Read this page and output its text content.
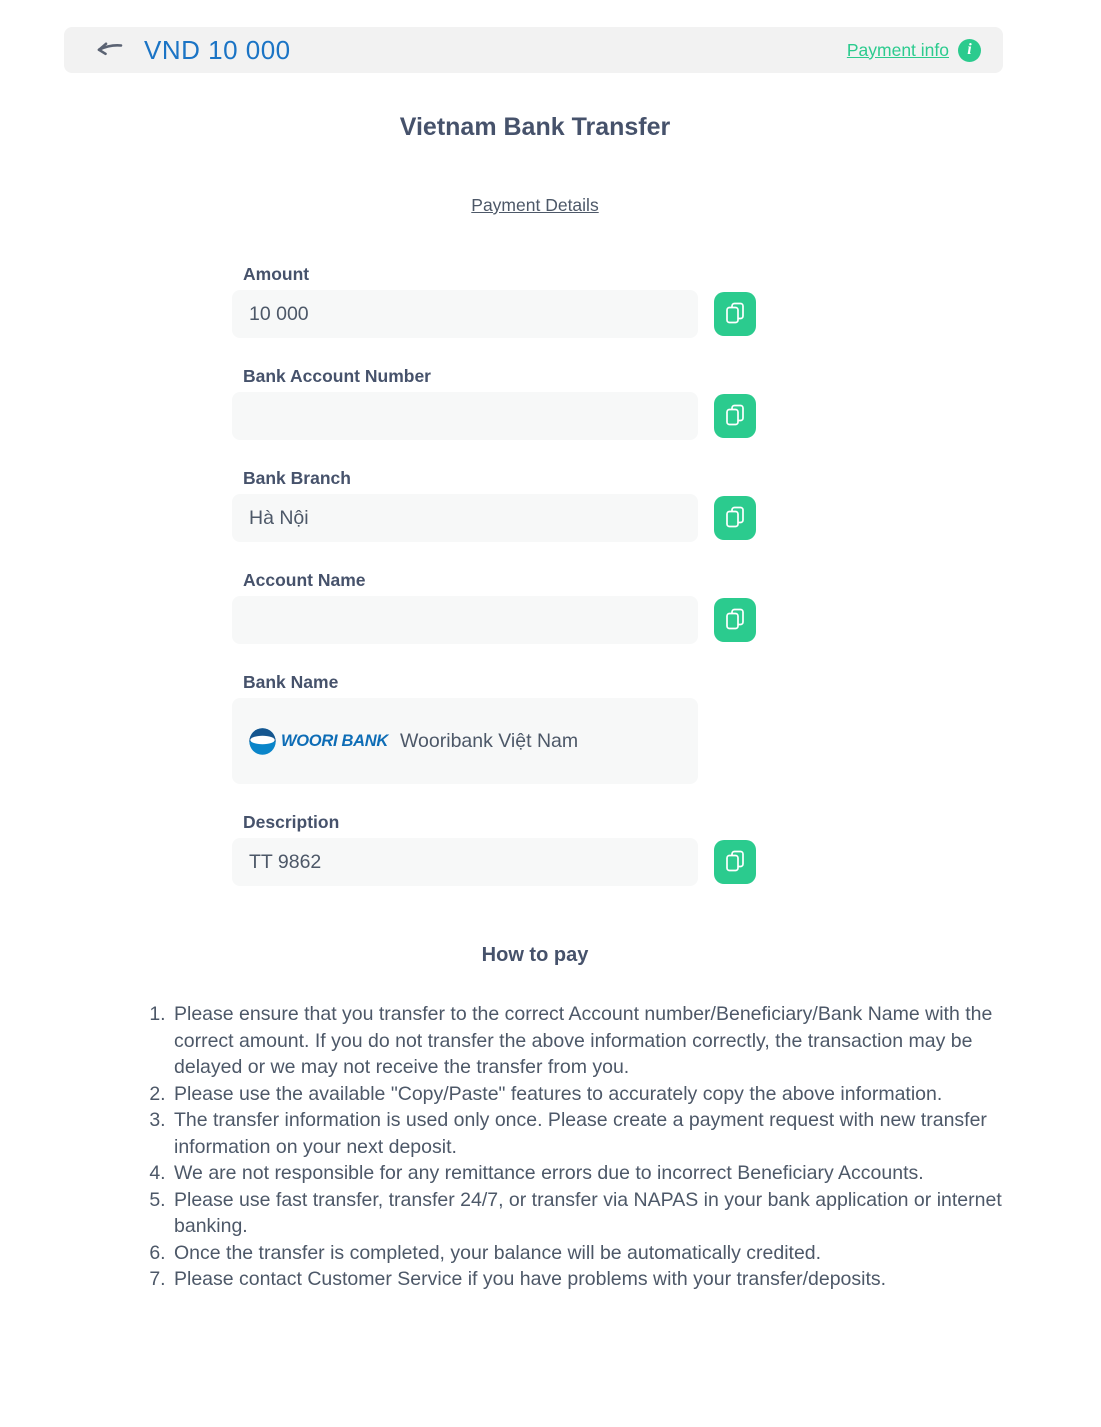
VND 10 000	Payment info	i
Vietnam Bank Transfer
Payment Details
Amount
10 000
Bank Account Number
Bank Branch
Hà Nội
Account Name
Bank Name
WOORI BANK Wooribank Việt Nam
Description
TT 9862
How to pay
1. Please ensure that you transfer to the correct Account number/Beneficiary/Bank Name with the correct amount. If you do not transfer the above information correctly, the transaction may be delayed or we may not receive the transfer from you.
2. Please use the available "Copy/Paste" features to accurately copy the above information.
3. The transfer information is used only once. Please create a payment request with new transfer information on your next deposit.
4. We are not responsible for any remittance errors due to incorrect Beneficiary Accounts.
5. Please use fast transfer, transfer 24/7, or transfer via NAPAS in your bank application or internet banking.
6. Once the transfer is completed, your balance will be automatically credited.
7. Please contact Customer Service if you have problems with your transfer/deposits.
